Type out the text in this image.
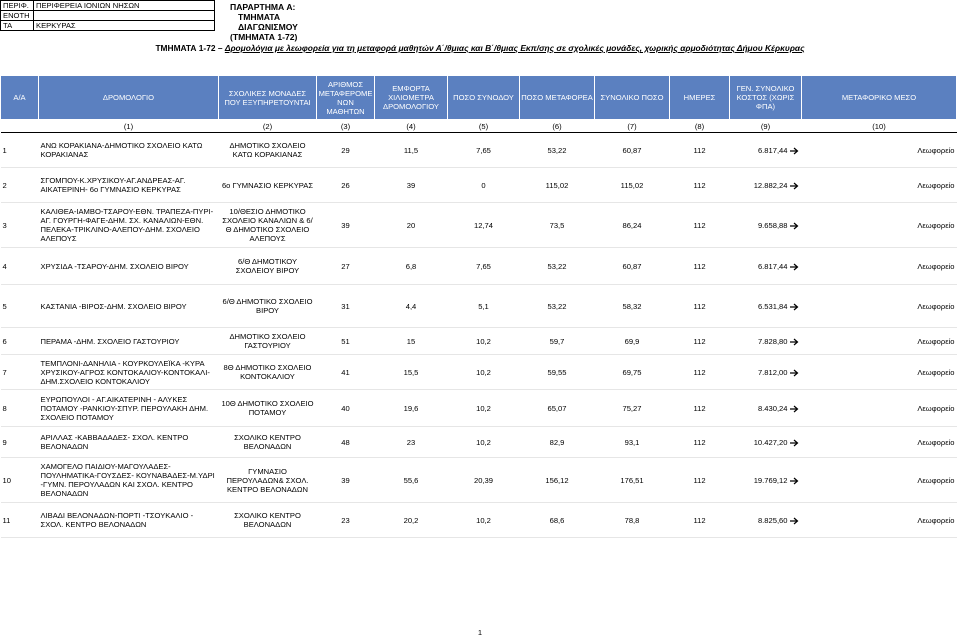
ΠΕΡΙΦ.	ΠΕΡΙΦΕΡΕΙΑ ΙΟΝΙΩΝ ΝΗΣΩΝ
ΕΝΟΤΗ	
ΤΑ	ΚΕΡΚΥΡΑΣ
ΠΑΡΑΡΤΗΜΑ Α:
ΤΜΗΜΑΤΑ
ΔΙΑΓΩΝΙΣΜΟΥ
(ΤΜΗΜΑΤΑ 1-72)
ΤΜΗΜΑΤΑ 1-72 – Δρομολόγια με λεωφορεία για τη μεταφορά μαθητών Α΄/θμιας και Β΄/θμιας Εκπ/σης σε σχολικές μονάδες, χωρικής αρμοδιότητας Δήμου Κέρκυρας
Α/Α	ΔΡΟΜΟΛΟΓΙΟ	ΣΧΟΛΙΚΕΣ ΜΟΝΑΔΕΣ ΠΟΥ ΕΞΥΠΗΡΕΤΟΥΝΤΑΙ	ΑΡΙΘΜΟΣ ΜΕΤΑΦΕΡΟΜΕ ΝΩΝ ΜΑΘΗΤΩΝ	ΕΜΦΟΡΤΑ ΧΙΛΙΟΜΕΤΡΑ ΔΡΟΜΟΛΟΓΙΟΥ	ΠΟΣΟ ΣΥΝΟΔΟΥ	ΠΟΣΟ ΜΕΤΑΦΟΡΕΑ	ΣΥΝΟΛΙΚΟ ΠΟΣΟ	ΗΜΕΡΕΣ	ΓΕΝ. ΣΥΝΟΛΙΚΟ ΚΟΣΤΟΣ (ΧΩΡΙΣ ΦΠΑ)	ΜΕΤΑΦΟΡΙΚΟ ΜΕΣΟ
	(1)	(2)	(3)	(4)	(5)	(6)	(7)	(8)	(9)	(10)
1	ΑΝΩ ΚΟΡΑΚΙΑΝΑ-ΔΗΜΟΤΙΚΟ ΣΧΟΛΕΙΟ ΚΑΤΩ ΚΟΡΑΚΙΑΝΑΣ	ΔΗΜΟΤΙΚΟ ΣΧΟΛΕΙΟ ΚΑΤΩ ΚΟΡΑΚΙΑΝΑΣ	29	11,5	7,65	53,22	60,87	112	6.817,44	Λεωφορείο
2	ΣΓΟΜΠΟΥ-Κ.ΧΡΥΣΙΚΟΥ-ΑΓ.ΑΝΔΡΕΑΣ-ΑΓ. ΑΙΚΑΤΕΡΙΝΗ- 6ο ΓΥΜΝΑΣΙΟ ΚΕΡΚΥΡΑΣ	6ο ΓΥΜΝΑΣΙΟ ΚΕΡΚΥΡΑΣ	26	39	0	115,02	115,02	112	12.882,24	Λεωφορείο
3	ΚΑΛΙΘΕΑ-ΙΑΜΒΟ-ΤΣΑΡΟΥ-ΕΘΝ. ΤΡΑΠΕΖΑ-ΠΥΡΙ-ΑΓ. ΓΟΥΡΓΗ-ΦΑΓΕ-ΔΗΜ. ΣΧ. ΚΑΝΑΛΙΩΝ-ΕΘΝ. ΠΕΛΕΚΑ-ΤΡΙΚΛΙΝΟ-ΑΛΕΠΟΥ-ΔΗΜ. ΣΧΟΛΕΙΟ ΑΛΕΠΟΥΣ	10/ΘΕΣΙΟ ΔΗΜΟΤΙΚΟ ΣΧΟΛΕΙΟ ΚΑΝΑΛΙΩΝ & 6/Θ ΔΗΜΟΤΙΚΟ ΣΧΟΛΕΙΟ ΑΛΕΠΟΥΣ	39	20	12,74	73,5	86,24	112	9.658,88	Λεωφορείο
4	ΧΡΥΣΙΔΑ -ΤΣΑΡΟΥ-ΔΗΜ. ΣΧΟΛΕΙΟ ΒΙΡΟΥ	6/Θ ΔΗΜΟΤΙΚΟΥ ΣΧΟΛΕΙΟΥ ΒΙΡΟΥ	27	6,8	7,65	53,22	60,87	112	6.817,44	Λεωφορείο
5	ΚΑΣΤΑΝΙΑ -ΒΙΡΟΣ-ΔΗΜ. ΣΧΟΛΕΙΟ ΒΙΡΟΥ	6/Θ ΔΗΜΟΤΙΚΟ ΣΧΟΛΕΙΟ ΒΙΡΟΥ	31	4,4	5,1	53,22	58,32	112	6.531,84	Λεωφορείο
6	ΠΕΡΑΜΑ -ΔΗΜ. ΣΧΟΛΕΙΟ ΓΑΣΤΟΥΡΙΟΥ	ΔΗΜΟΤΙΚΟ ΣΧΟΛΕΙΟ ΓΑΣΤΟΥΡΙΟΥ	51	15	10,2	59,7	69,9	112	7.828,80	Λεωφορείο
7	ΤΕΜΠΛΟΝΙ-ΔΑΝΗΛΙΑ - ΚΟΥΡΚΟΥΛΕΪΚΑ -ΚΥΡΑ ΧΡΥΣΙΚΟΥ-ΑΓΡΟΣ ΚΟΝΤΟΚΑΛΙΟΥ-ΚΟΝΤΟΚΑΛΙ-ΔΗΜ.ΣΧΟΛΕΙΟ ΚΟΝΤΟΚΑΛΙΟΥ	8Θ ΔΗΜΟΤΙΚΟ ΣΧΟΛΕΙΟ ΚΟΝΤΟΚΑΛΙΟΥ	41	15,5	10,2	59,55	69,75	112	7.812,00	Λεωφορείο
8	ΕΥΡΩΠΟΥΛΟΙ - ΑΓ.ΑΙΚΑΤΕΡΙΝΗ - ΑΛΥΚΕΣ ΠΟΤΑΜΟΥ -ΡΑΝΚΙΟΥ-ΣΠΥΡ. ΠΕΡΟΥΛΑΚΗ ΔΗΜ. ΣΧΟΛΕΙΟ ΠΟΤΑΜΟΥ	10Θ ΔΗΜΟΤΙΚΟ ΣΧΟΛΕΙΟ ΠΟΤΑΜΟΥ	40	19,6	10,2	65,07	75,27	112	8.430,24	Λεωφορείο
9	ΑΡΙΛΛΑΣ -ΚΑΒΒΑΔΑΔΕΣ- ΣΧΟΛ. ΚΕΝΤΡΟ ΒΕΛΟΝΑΔΩΝ	ΣΧΟΛΙΚΟ ΚΕΝΤΡΟ ΒΕΛΟΝΑΔΩΝ	48	23	10,2	82,9	93,1	112	10.427,20	Λεωφορείο
10	ΧΑΜΟΓΕΛΟ ΠΑΙΔΙΟΥ-ΜΑΓΟΥΛΑΔΕΣ-ΠΟΥΛΗΜΑΤΙΚΑ-ΓΟΥΣΔΕΣ- ΚΟΥΝΑΒΑΔΕΣ-Μ.ΥΔΡΙ -ΓΥΜΝ. ΠΕΡΟΥΛΑΔΩΝ ΚΑΙ ΣΧΟΛ. ΚΕΝΤΡΟ ΒΕΛΟΝΑΔΩΝ	ΓΥΜΝΑΣΙΟ ΠΕΡΟΥΛΑΔΩΝ& ΣΧΟΛ. ΚΕΝΤΡΟ ΒΕΛΟΝΑΔΩΝ	39	55,6	20,39	156,12	176,51	112	19.769,12	Λεωφορείο
11	ΛΙΒΑΔΙ ΒΕΛΟΝΑΔΩΝ-ΠΟΡΤΙ -ΤΣΟΥΚΑΛΙΟ - ΣΧΟΛ. ΚΕΝΤΡΟ ΒΕΛΟΝΑΔΩΝ	ΣΧΟΛΙΚΟ ΚΕΝΤΡΟ ΒΕΛΟΝΑΔΩΝ	23	20,2	10,2	68,6	78,8	112	8.825,60	Λεωφορείο
1
